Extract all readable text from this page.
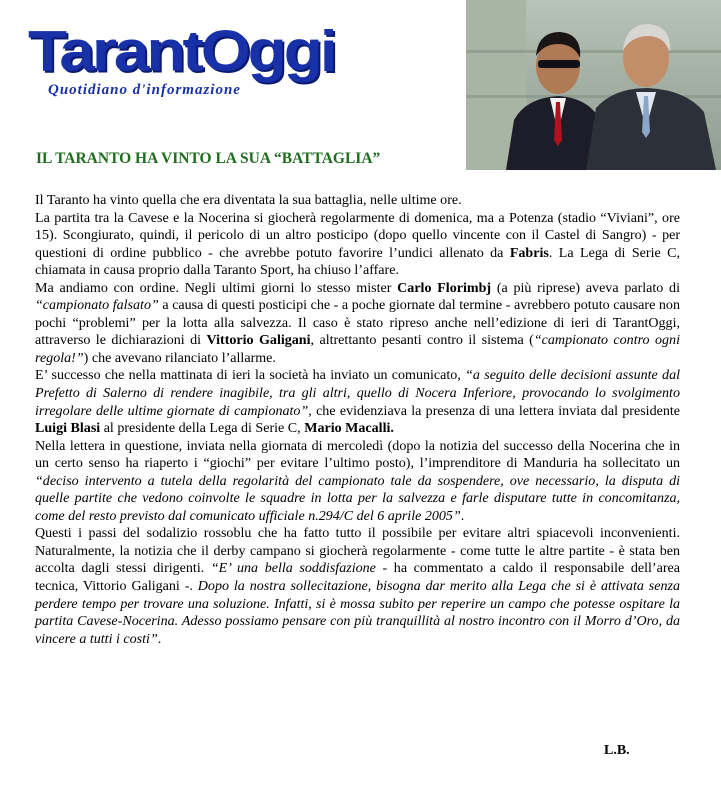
TarantOggi
Quotidiano d'informazione
IL TARANTO HA VINTO LA SUA “BATTAGLIA”

Il Taranto ha vinto quella che era diventata la sua battaglia, nelle ultime ore.

La partita tra la Cavese e la Nocerina si giocherà regolarmente di domenica, ma a Potenza (stadio “Viviani”, ore 15). Scongiurato, quindi, il pericolo di un altro posticipo (dopo quello vincente con il Castel di Sangro) - per questioni di ordine pubblico - che avrebbe potuto favorire l’undici allenato da Fabris. La Lega di Serie C, chiamata in causa proprio dalla Taranto Sport, ha chiuso l’affare.

Ma andiamo con ordine. Negli ultimi giorni lo stesso mister Carlo Florimbj (a più riprese) aveva parlato di “campionato falsato” a causa di questi posticipi che - a poche giornate dal termine - avrebbero potuto causare non pochi “problemi” per la lotta alla salvezza. Il caso è stato ripreso anche nell’edizione di ieri di TarantOggi, attraverso le dichiarazioni di Vittorio Galigani, altrettanto pesanti contro il sistema (“campionato contro ogni regola!”) che avevano rilanciato l’allarme.

E’ successo che nella mattinata di ieri la società ha inviato un comunicato, “a seguito delle decisioni assunte dal Prefetto di Salerno di rendere inagibile, tra gli altri, quello di Nocera Inferiore, provocando lo svolgimento irregolare delle ultime giornate di campionato”, che evidenziava la presenza di una lettera inviata dal presidente Luigi Blasi al presidente della Lega di Serie C, Mario Macalli.

Nella lettera in questione, inviata nella giornata di mercoledì (dopo la notizia del successo della Nocerina che in un certo senso ha riaperto i “giochi” per evitare l’ultimo posto), l’imprenditore di Manduria ha sollecitato un “deciso intervento a tutela della regolarità del campionato tale da sospendere, ove necessario, la disputa di quelle partite che vedono coinvolte le squadre in lotta per la salvezza e farle disputare tutte in concomitanza, come del resto previsto dal comunicato ufficiale n.294/C del 6 aprile 2005”.

Questi i passi del sodalizio rossoblu che ha fatto tutto il possibile per evitare altri spiacevoli inconvenienti. Naturalmente, la notizia che il derby campano si giocherà regolarmente - come tutte le altre partite - è stata ben accolta dagli stessi dirigenti. “E’ una bella soddisfazione - ha commentato a caldo il responsabile dell’area tecnica, Vittorio Galigani -. Dopo la nostra sollecitazione, bisogna dar merito alla Lega che si è attivata senza perdere tempo per trovare una soluzione. Infatti, si è mossa subito per reperire un campo che potesse ospitare la partita Cavese-Nocerina. Adesso possiamo pensare con più tranquillità al nostro incontro con il Morro d’Oro, da vincere a tutti i costi”.

L.B.
